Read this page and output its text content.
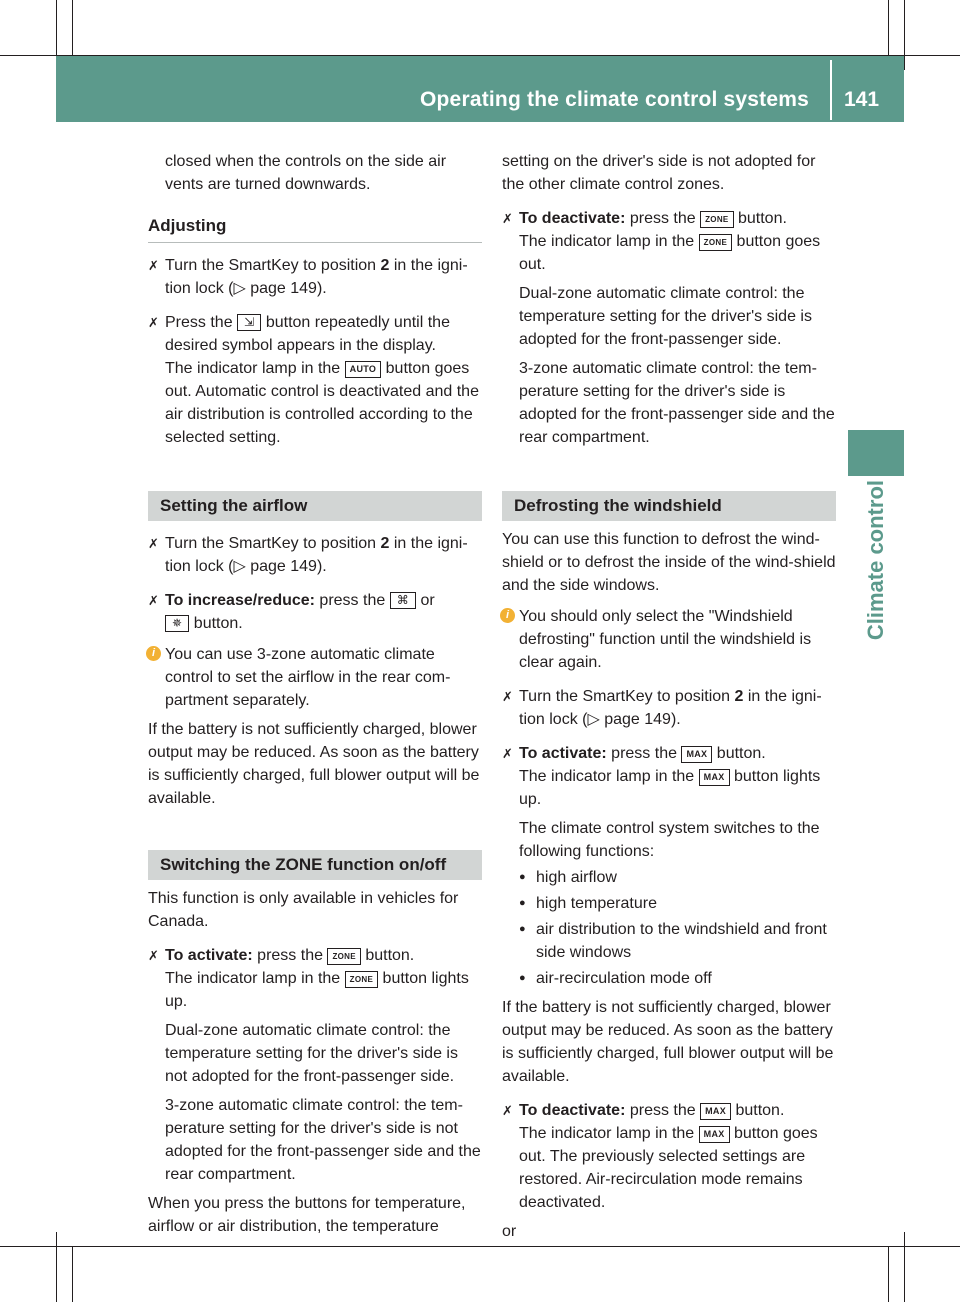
Operating the climate control systems 141
Climate control

closed when the controls on the side air vents are turned downwards.

Adjusting

✗ Turn the SmartKey to position 2 in the igni-tion lock (▷ page 149).

✗ Press the ⇲ button repeatedly until the desired symbol appears in the display.

The indicator lamp in the AUTO button goes out. Automatic control is deactivated and the air distribution is controlled according to the selected setting.

Setting the airflow

✗ Turn the SmartKey to position 2 in the igni-tion lock (▷ page 149).

✗ To increase/reduce: press the ⌘ or
✵ button.

i You can use 3-zone automatic climate control to set the airflow in the rear com-partment separately.

If the battery is not sufficiently charged, blower output may be reduced. As soon as the battery is sufficiently charged, full blower output will be available.

Switching the ZONE function on/off

This function is only available in vehicles for Canada.

✗ To activate: press the ZONE button.

The indicator lamp in the ZONE button lights up.

Dual-zone automatic climate control: the temperature setting for the driver's side is not adopted for the front-passenger side.

3-zone automatic climate control: the tem-perature setting for the driver's side is not adopted for the front-passenger side and the rear compartment.

When you press the buttons for temperature, airflow or air distribution, the temperature

setting on the driver's side is not adopted for the other climate control zones.

✗ To deactivate: press the ZONE button.

The indicator lamp in the ZONE button goes out.

Dual-zone automatic climate control: the temperature setting for the driver's side is adopted for the front-passenger side.

3-zone automatic climate control: the tem-perature setting for the driver's side is adopted for the front-passenger side and the rear compartment.

Defrosting the windshield

You can use this function to defrost the wind-shield or to defrost the inside of the wind-shield and the side windows.

i You should only select the "Windshield defrosting" function until the windshield is clear again.

✗ Turn the SmartKey to position 2 in the igni-tion lock (▷ page 149).

✗ To activate: press the MAX button.

The indicator lamp in the MAX button lights up.

The climate control system switches to the following functions:

● high airflow

● high temperature

● air distribution to the windshield and front side windows

● air-recirculation mode off

If the battery is not sufficiently charged, blower output may be reduced. As soon as the battery is sufficiently charged, full blower output will be available.

✗ To deactivate: press the MAX button.

The indicator lamp in the MAX button goes out. The previously selected settings are restored. Air-recirculation mode remains deactivated.

or
